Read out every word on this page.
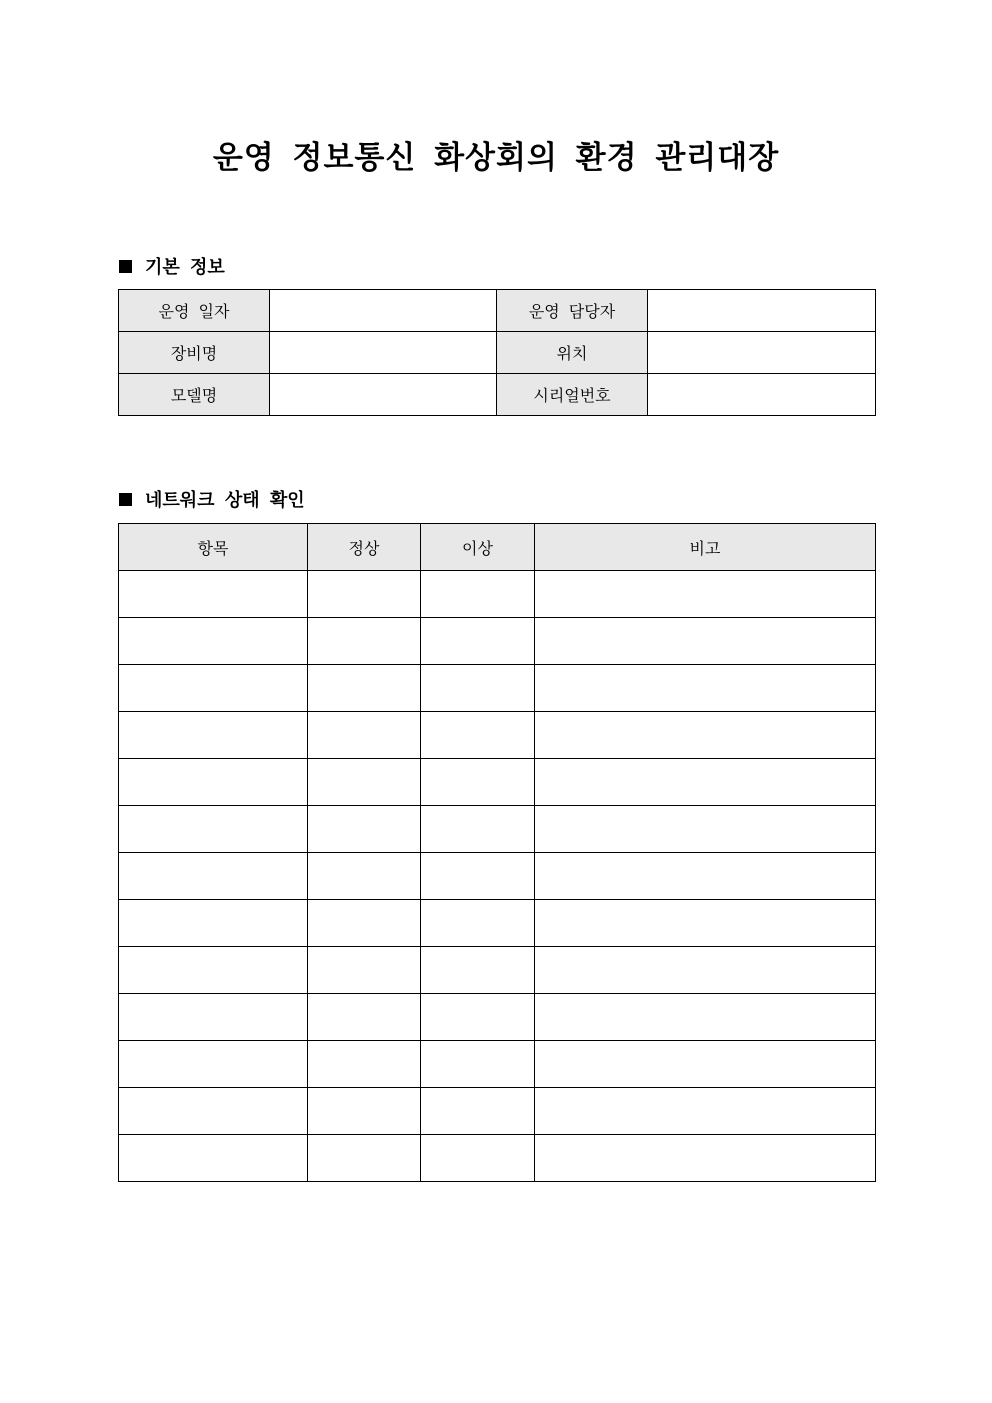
운영 정보통신 화상회의 환경 관리대장
기본 정보
운영 일자		운영 담당자	
장비명		위치	
모델명		시리얼번호	
네트워크 상태 확인
항목	정상	이상	비고
